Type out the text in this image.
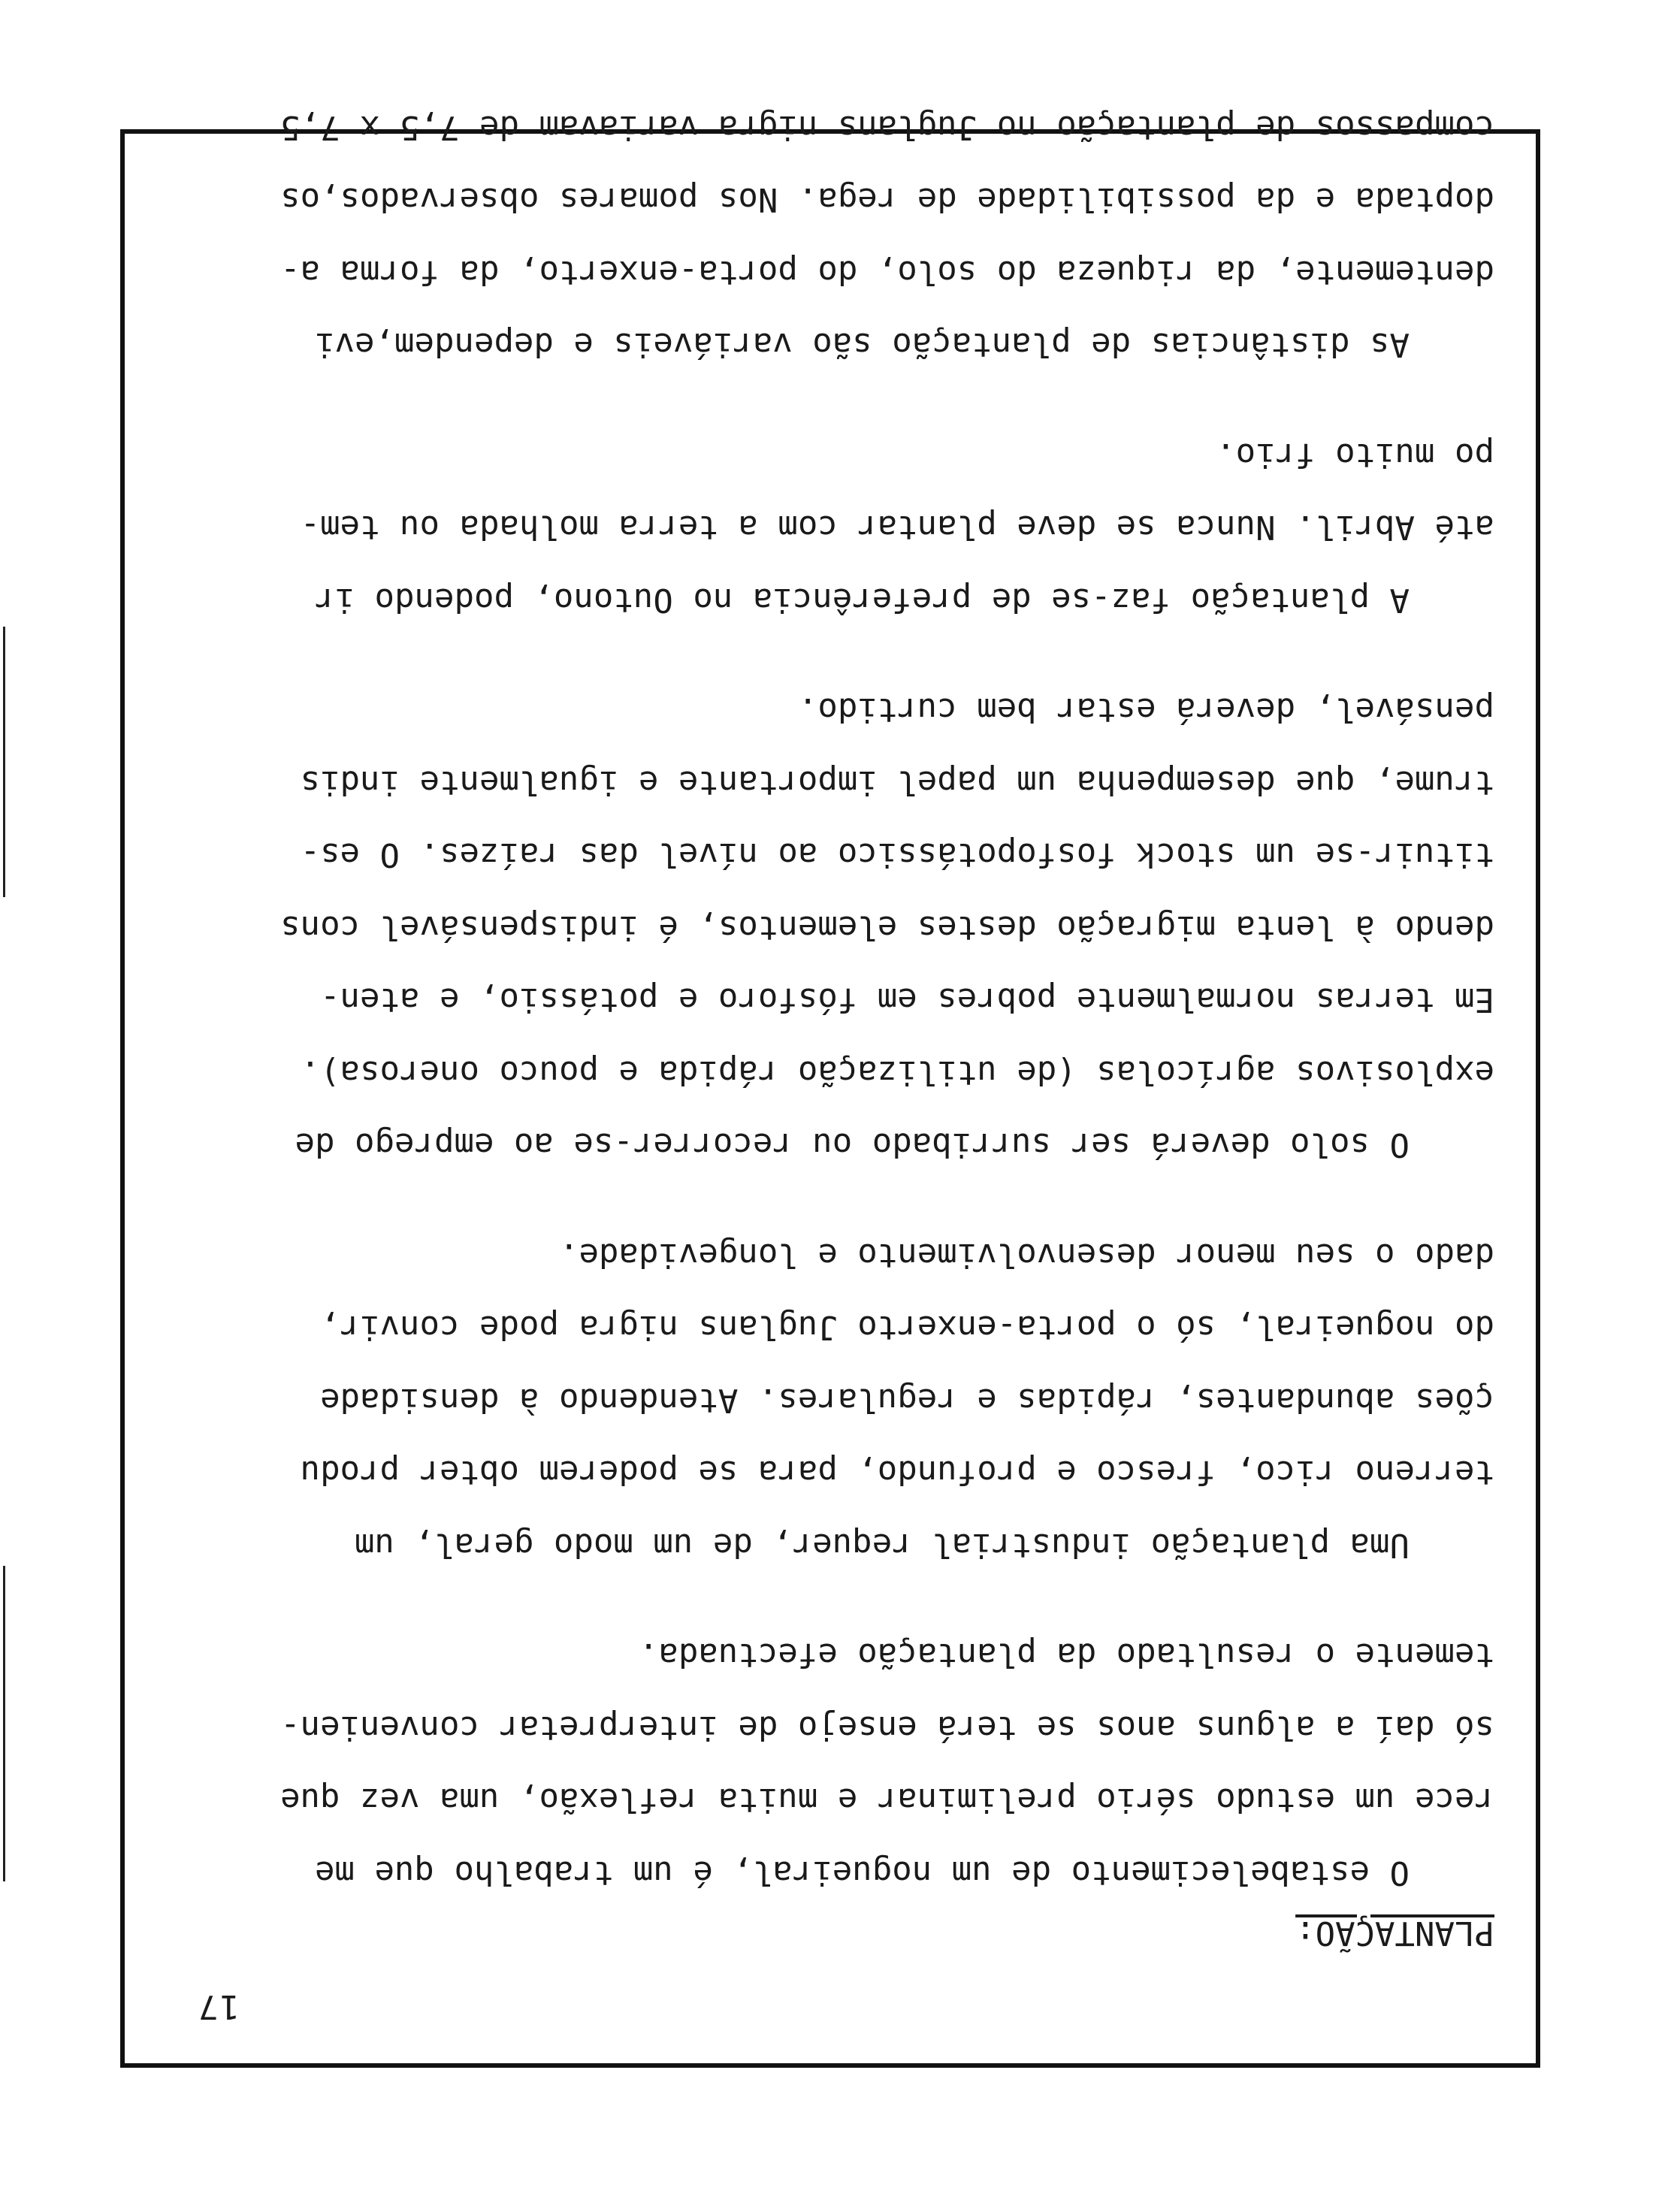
17
PLANTAÇÃO:
O estabelecimento de um nogueiral, é um trabalho que me
rece um estudo sério preliminar e muita reflexão, uma vez que
só daí a alguns anos se terá ensejo de interpretar convenien-
temente o resultado da plantação efectuada.
Uma plantação industrial requer, de um modo geral, um
terreno rico, fresco e profundo, para se poderem obter produ
ções abundantes, rápidas e regulares. Atendendo à densidade
do nogueiral, só o porta-enxerto Juglans nigra pode convir,
dado o seu menor desenvolvimento e longevidade.
O solo deverá ser surribado ou recorrer-se ao emprego de
explosivos agrícolas (de utilização rápida e pouco onerosa).
Em terras normalmente pobres em fósforo e potássio, e aten-
dendo à lenta migração destes elementos, é indispensável cons
tituir-se um stock fosfopotássico ao nível das raízes. O es-
trume, que desempenha um papel importante e igualmente indis
pensável, deverá estar bem curtido.
A plantação faz-se de preferência no Outono, podendo ir
até Abril. Nunca se deve plantar com a terra molhada ou tem-
po muito frio.
As distâncias de plantação são variáveis e dependem,evi
dentemente, da riqueza do solo, do porta-enxerto, da forma a-
doptada e da possibilidade de rega. Nos pomares observados,os
compassos de plantação no Juglans nigra variavam de 7,5 x 7,5
